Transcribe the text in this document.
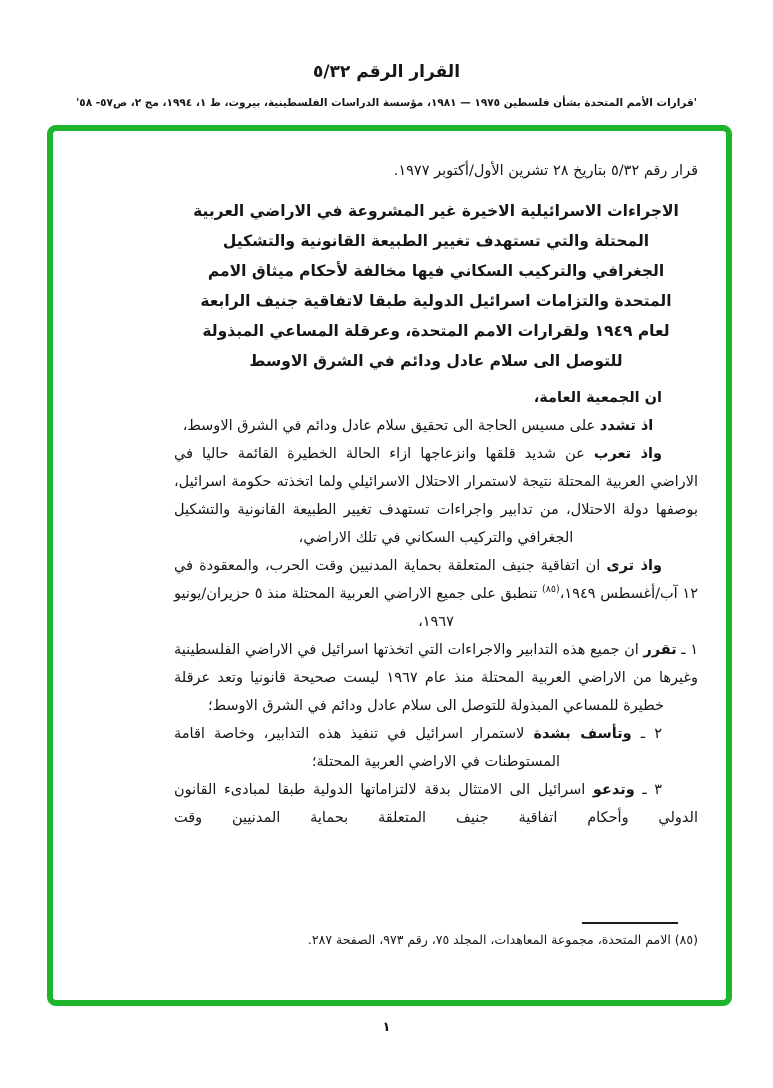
القرار الرقم ٥/٣٢
'قرارات الأمم المتحدة بشأن فلسطين ١٩٧٥ — ١٩٨١، مؤسسة الدراسات الفلسطينية، بيروت، ط ١، ١٩٩٤، مج ٢، ص٥٧- ٥٨'

قرار رقم ٥/٣٢ بتاريخ ٢٨ تشرين الأول/أكتوبر ١٩٧٧.

الاجراءات الاسرائيلية الاخيرة غير المشروعة في الاراضي العربية
المحتلة والتي تستهدف تغيير الطبيعة القانونية والتشكيل
الجغرافي والتركيب السكاني فيها مخالفة لأحكام ميثاق الامم
المتحدة والتزامات اسرائيل الدولية طبقا لاتفاقية جنيف الرابعة
لعام ١٩٤٩ ولقرارات الامم المتحدة، وعرقلة المساعي المبذولة
للتوصل الى سلام عادل ودائم في الشرق الاوسط

ان الجمعية العامة،

اذ تشدد على مسيس الحاجة الى تحقيق سلام عادل ودائم في الشرق الاوسط،

واذ تعرب عن شديد قلقها وانزعاجها ازاء الحالة الخطيرة القائمة حاليا في الاراضي العربية المحتلة نتيجة لاستمرار الاحتلال الاسرائيلي ولما اتخذته حكومة اسرائيل، بوصفها دولة الاحتلال، من تدابير واجراءات تستهدف تغيير الطبيعة القانونية والتشكيل الجغرافي والتركيب السكاني في تلك الاراضي،

واذ ترى ان اتفاقية جنيف المتعلقة بحماية المدنيين وقت الحرب، والمعقودة في ١٢ آب/أغسطس ١٩٤٩،$^{(٨٥)}$ تنطبق على جميع الاراضي العربية المحتلة منذ ٥ حزيران/يونيو ١٩٦٧،

١ ـ تقرر ان جميع هذه التدابير والاجراءات التي اتخذتها اسرائيل في الاراضي الفلسطينية وغيرها من الاراضي العربية المحتلة منذ عام ١٩٦٧ ليست صحيحة قانونيا وتعد عرقلة خطيرة للمساعي المبذولة للتوصل الى سلام عادل ودائم في الشرق الاوسط؛

٢ ـ وتأسف بشدة لاستمرار اسرائيل في تنفيذ هذه التدابير، وخاصة اقامة المستوطنات في الاراضي العربية المحتلة؛

٣ ـ وتدعو اسرائيل الى الامتثال بدقة لالتزاماتها الدولية طبقا لمبادىء القانون الدولي وأحكام اتفاقية جنيف المتعلقة بحماية المدنيين وقت

(٨٥) الامم المتحدة، مجموعة المعاهدات، المجلد ٧٥، رقم ٩٧٣، الصفحة ٢٨٧.

١
